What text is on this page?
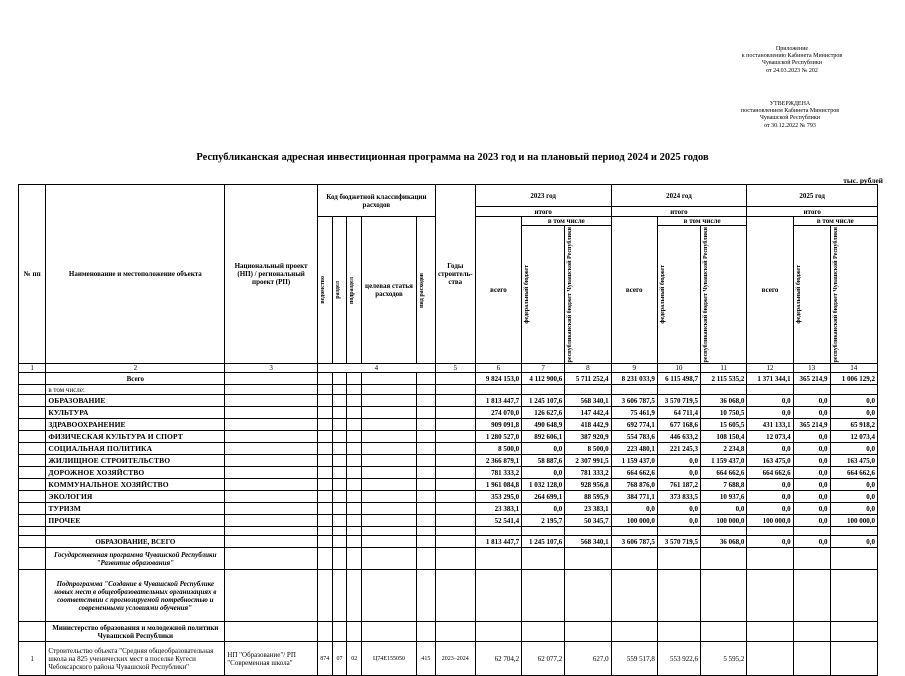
Приложение
к постановлению Кабинета Министров
Чувашской Республики
от 24.03.2023 № 202
УТВЕРЖДЕНА
постановлением Кабинета Министров
Чувашской Республики
от 30.12.2022 № 793
Республиканская адресная инвестиционная программа на 2023 год и на плановый период 2024 и 2025 годов
тыс. рублей
№ пп	Наименование и местоположение объекта	Национальный проект (НП) / региональный проект (РП)	Код бюджетной классификации расходов					Годы строитель-ства	2023 год			2024 год			2025 год		
									итого			итого			итого		

			ведомство	раздел	подраздел	целевая статья расходов	вид расходов		всего	в том числе		всего	в том числе		всего	в том числе	

										федеральный бюджет	республиканский бюджет Чувашской Республики		федеральный бюджет	республиканский бюджет Чувашской Республики		федеральный бюджет	республиканский бюджет Чувашской Республики

1	2	3	4					5	6	7	8	9	10	11	12	13	14
	Всего								9 824 153,0	4 112 900,6	5 711 252,4	8 231 033,9	6 115 498,7	2 115 535,2	1 371 344,1	365 214,9	1 006 129,2
	в том числе:																
	ОБРАЗОВАНИЕ								1 813 447,7	1 245 107,6	568 340,1	3 606 787,5	3 570 719,5	36 068,0	0,0	0,0	0,0
	КУЛЬТУРА								274 070,0	126 627,6	147 442,4	75 461,9	64 711,4	10 750,5	0,0	0,0	0,0
	ЗДРАВООХРАНЕНИЕ								909 091,8	490 648,9	418 442,9	692 774,1	677 168,6	15 605,5	431 133,1	365 214,9	65 918,2
	ФИЗИЧЕСКАЯ КУЛЬТУРА И СПОРТ								1 280 527,0	892 606,1	387 920,9	554 783,6	446 633,2	108 150,4	12 073,4	0,0	12 073,4
	СОЦИАЛЬНАЯ ПОЛИТИКА								8 500,0	0,0	8 500,0	223 480,1	221 245,3	2 234,8	0,0	0,0	0,0
	ЖИЛИЩНОЕ СТРОИТЕЛЬСТВО								2 366 879,1	58 887,6	2 307 991,5	1 159 437,0	0,0	1 159 437,0	163 475,0	0,0	163 475,0
	ДОРОЖНОЕ ХОЗЯЙСТВО								781 333,2	0,0	781 333,2	664 662,6	0,0	664 662,6	664 662,6	0,0	664 662,6
	КОММУНАЛЬНОЕ ХОЗЯЙСТВО								1 961 084,8	1 032 128,0	928 956,8	768 876,0	761 187,2	7 688,8	0,0	0,0	0,0
	ЭКОЛОГИЯ								353 295,0	264 699,1	88 595,9	384 771,1	373 833,5	10 937,6	0,0	0,0	0,0
	ТУРИЗМ								23 383,1	0,0	23 383,1	0,0	0,0	0,0	0,0	0,0	0,0
	ПРОЧЕЕ								52 541,4	2 195,7	50 345,7	100 000,0	0,0	100 000,0	100 000,0	0,0	100 000,0

	ОБРАЗОВАНИЕ, ВСЕГО								1 813 447,7	1 245 107,6	568 340,1	3 606 787,5	3 570 719,5	36 068,0	0,0	0,0	0,0
	Государственная программа Чувашской Республики "Развитие образования"																
	Подпрограмма "Создание в Чувашской Республике новых мест в общеобразовательных организациях в соответствии с прогнозируемой потребностью и современными условиями обучения"																
	Министерство образования и молодежной политики Чувашской Республики																
1	Строительство объекта "Средняя общеобразовательная школа на 825 ученических мест в поселке Кугеси Чебоксарского района Чувашской Республики"	НП "Образование"/ РП "Современная школа"	874	07	02	Ц74Е155050	415	2023–2024	62 704,2	62 077,2	627,0	559 517,8	553 922,6	5 595,2			
